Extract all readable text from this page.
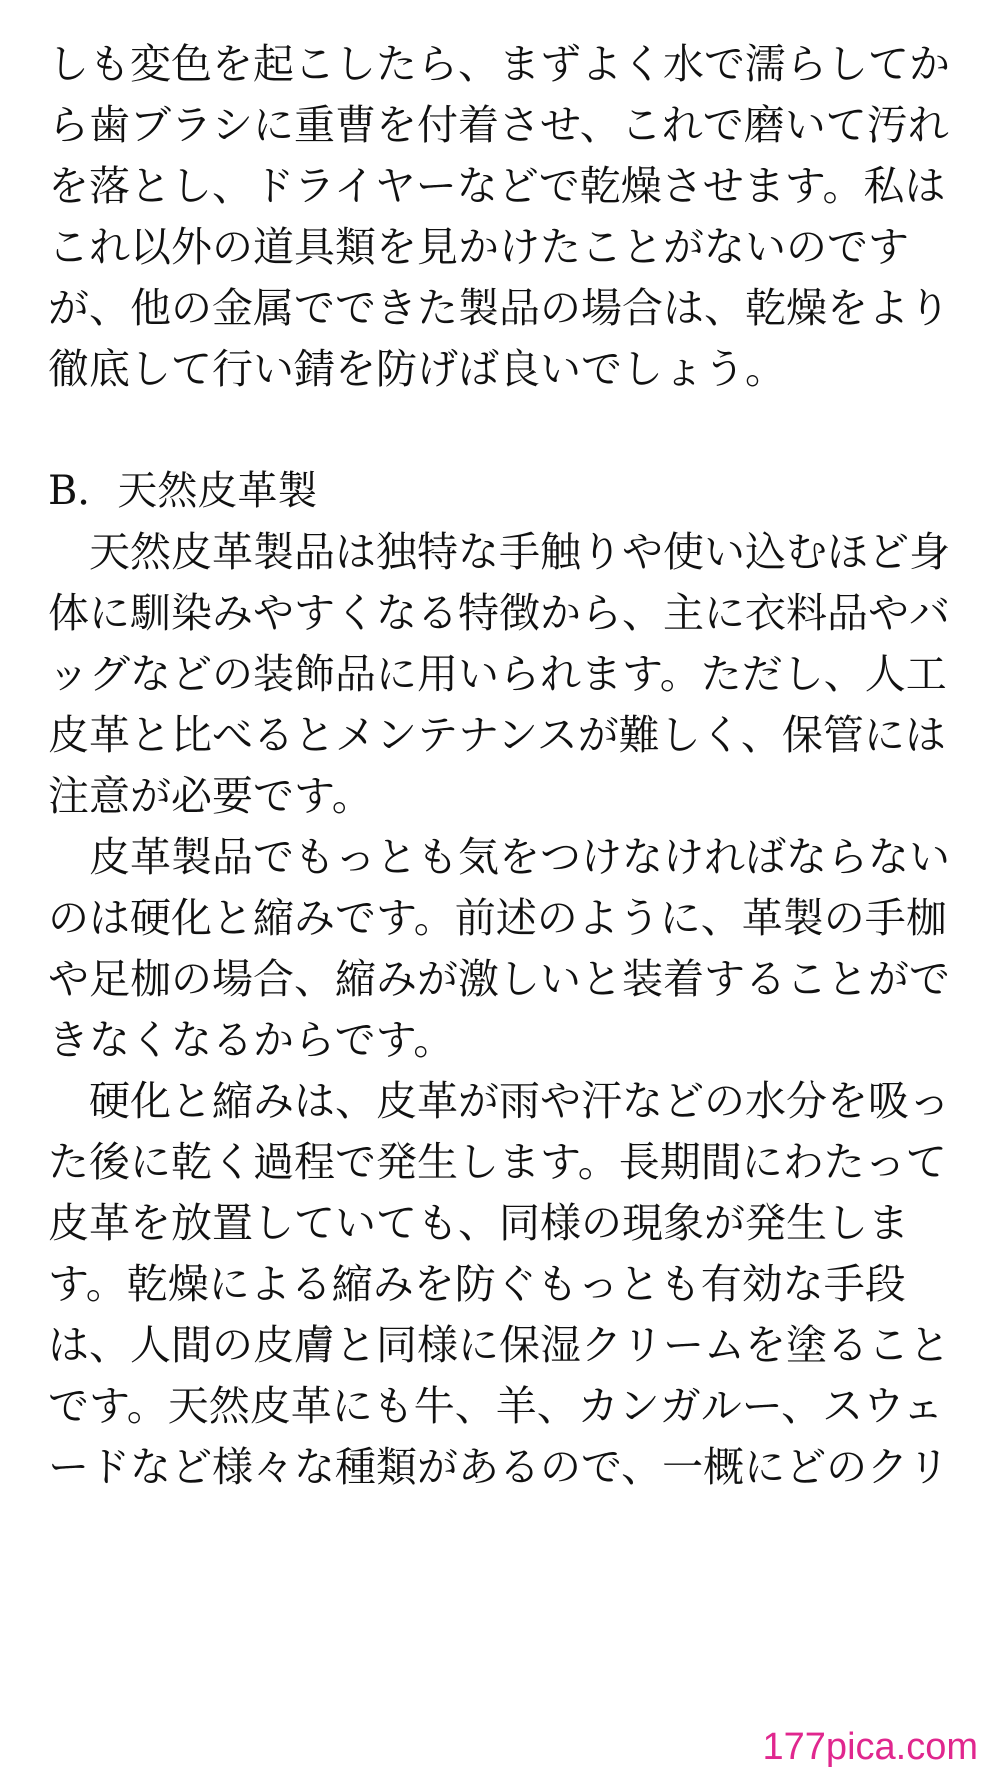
しも変色を起こしたら、まずよく水で濡らしてか
ら歯ブラシに重曹を付着させ、これで磨いて汚れ
を落とし、ドライヤーなどで乾燥させます。私は
これ以外の道具類を見かけたことがないのです
が、他の金属でできた製品の場合は、乾燥をより
徹底して行い錆を防げば良いでしょう。
B．天然皮革製
　天然皮革製品は独特な手触りや使い込むほど身
体に馴染みやすくなる特徴から、主に衣料品やバ
ッグなどの装飾品に用いられます。ただし、人工
皮革と比べるとメンテナンスが難しく、保管には
注意が必要です。
　皮革製品でもっとも気をつけなければならない
のは硬化と縮みです。前述のように、革製の手枷
や足枷の場合、縮みが激しいと装着することがで
きなくなるからです。
　硬化と縮みは、皮革が雨や汗などの水分を吸っ
た後に乾く過程で発生します。長期間にわたって
皮革を放置していても、同様の現象が発生しま
す。乾燥による縮みを防ぐもっとも有効な手段
は、人間の皮膚と同様に保湿クリームを塗ること
です。天然皮革にも牛、羊、カンガルー、スウェ
ードなど様々な種類があるので、一概にどのクリ
177pica.com
